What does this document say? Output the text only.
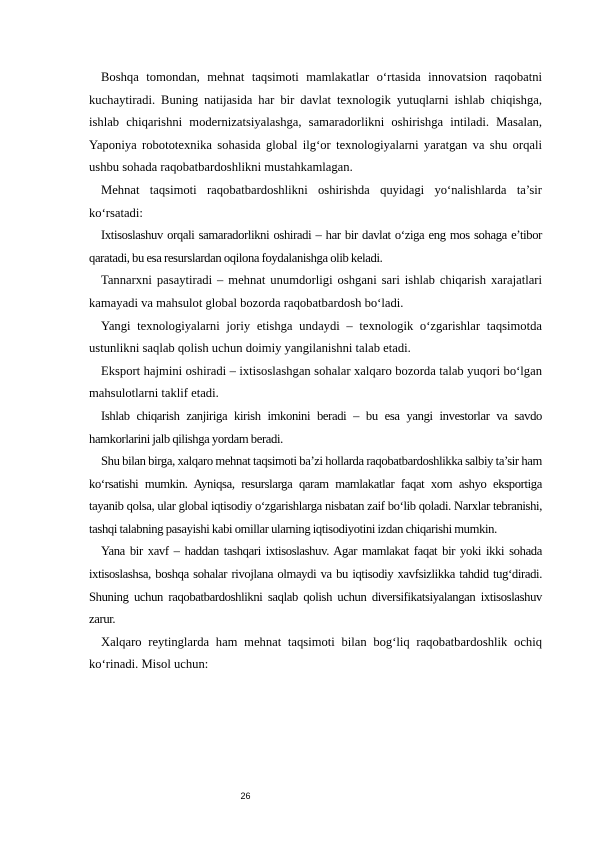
Boshqa tomondan, mehnat taqsimoti mamlakatlar o‘rtasida innovatsion raqobatni kuchaytiradi. Buning natijasida har bir davlat texnologik yutuqlarni ishlab chiqishga, ishlab chiqarishni modernizatsiyalashga, samaradorlikni oshirishga intiladi. Masalan, Yaponiya robototexnika sohasida global ilg‘or texnologiyalarni yaratgan va shu orqali ushbu sohada raqobatbardoshlikni mustahkamlagan.

Mehnat taqsimoti raqobatbardoshlikni oshirishda quyidagi yo‘nalishlarda ta’sir ko‘rsatadi:

Ixtisoslashuv orqali samaradorlikni oshiradi – har bir davlat o‘ziga eng mos sohaga e’tibor qaratadi, bu esa resurslardan oqilona foydalanishga olib keladi.

Tannarxni pasaytiradi – mehnat unumdorligi oshgani sari ishlab chiqarish xarajatlari kamayadi va mahsulot global bozorda raqobatbardosh bo‘ladi.

Yangi texnologiyalarni joriy etishga undaydi – texnologik o‘zgarishlar taqsimotda ustunlikni saqlab qolish uchun doimiy yangilanishni talab etadi.

Eksport hajmini oshiradi – ixtisoslashgan sohalar xalqaro bozorda talab yuqori bo‘lgan mahsulotlarni taklif etadi.

Ishlab chiqarish zanjiriga kirish imkonini beradi – bu esa yangi investorlar va savdo hamkorlarini jalb qilishga yordam beradi.

Shu bilan birga, xalqaro mehnat taqsimoti ba’zi hollarda raqobatbardoshlikka salbiy ta’sir ham ko‘rsatishi mumkin. Ayniqsa, resurslarga qaram mamlakatlar faqat xom ashyo eksportiga tayanib qolsa, ular global iqtisodiy o‘zgarishlarga nisbatan zaif bo‘lib qoladi. Narxlar tebranishi, tashqi talabning pasayishi kabi omillar ularning iqtisodiyotini izdan chiqarishi mumkin.

Yana bir xavf – haddan tashqari ixtisoslashuv. Agar mamlakat faqat bir yoki ikki sohada ixtisoslashsa, boshqa sohalar rivojlana olmaydi va bu iqtisodiy xavfsizlikka tahdid tug‘diradi. Shuning uchun raqobatbardoshlikni saqlab qolish uchun diversifikatsiyalangan ixtisoslashuv zarur.

Xalqaro reytinglarda ham mehnat taqsimoti bilan bog‘liq raqobatbardoshlik ochiq ko‘rinadi. Misol uchun:

26
